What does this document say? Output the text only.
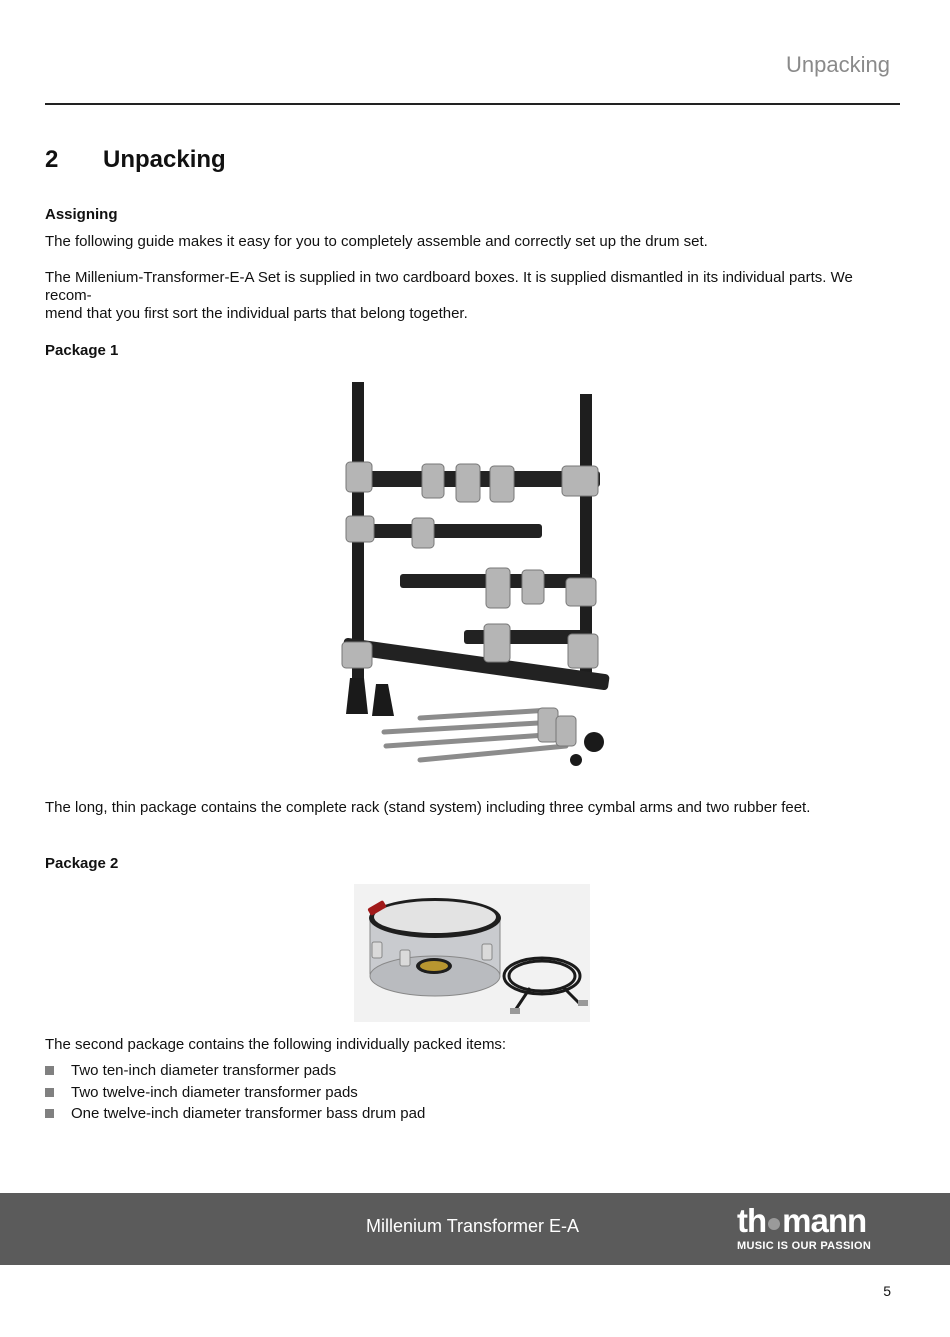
Unpacking
2 Unpacking
Assigning
The following guide makes it easy for you to completely assemble and correctly set up the drum set.
The Millenium-Transformer-E-A Set is supplied in two cardboard boxes. It is supplied dismantled in its individual parts. We recom-
mend that you first sort the individual parts that belong together.
Package 1
The long, thin package contains the complete rack (stand system) including three cymbal arms and two rubber feet.
Package 2
The second package contains the following individually packed items:
Two ten-inch diameter transformer pads
Two twelve-inch diameter transformer pads
One twelve-inch diameter transformer bass drum pad
Millenium Transformer E-A	th mann
MUSIC IS OUR PASSION
5
